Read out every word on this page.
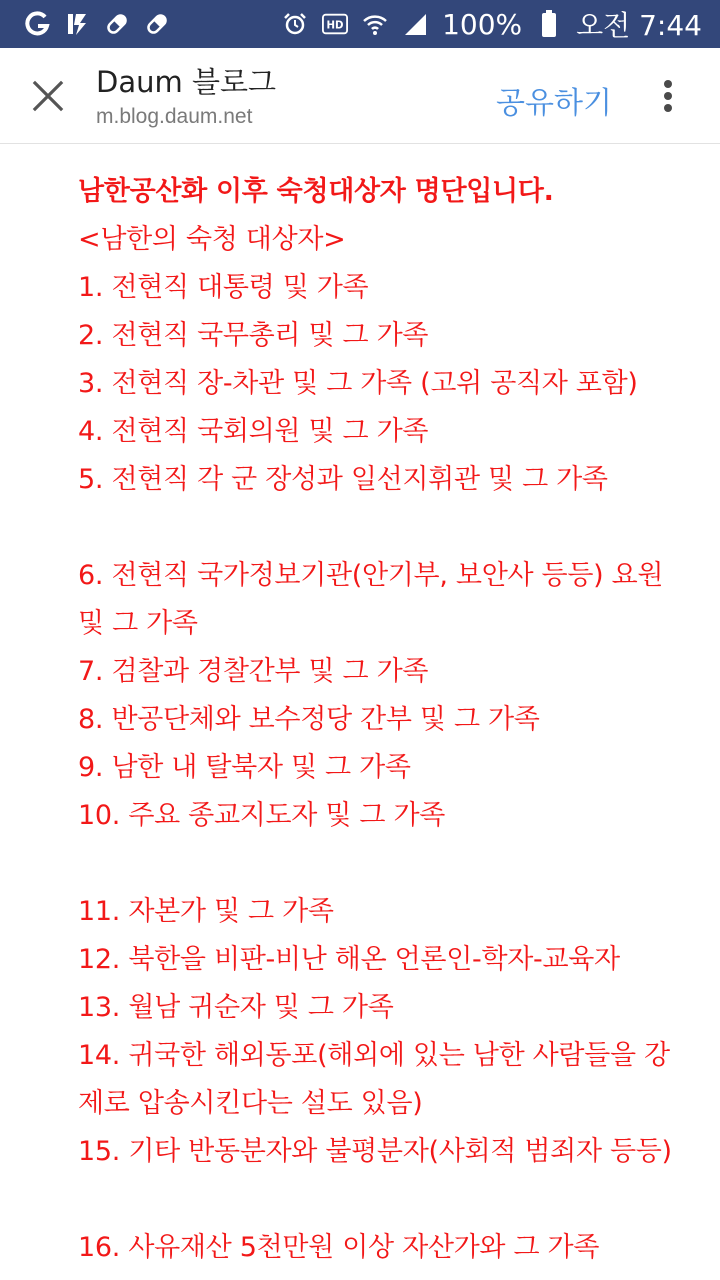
HD	100% 오전 7:44
Daum 블로그
m.blog.daum.net	공유하기
남한공산화 이후 숙청대상자 명단입니다.
<남한의 숙청 대상자>
1. 전현직 대통령 및 가족
2. 전현직 국무총리 및 그 가족
3. 전현직 장-차관 및 그 가족 (고위 공직자 포함)
4. 전현직 국회의원 및 그 가족
5. 전현직 각 군 장성과 일선지휘관 및 그 가족
6. 전현직 국가정보기관(안기부, 보안사 등등) 요원
및 그 가족
7. 검찰과 경찰간부 및 그 가족
8. 반공단체와 보수정당 간부 및 그 가족
9. 남한 내 탈북자 및 그 가족
10. 주요 종교지도자 및 그 가족
11. 자본가 및 그 가족
12. 북한을 비판-비난 해온 언론인-학자-교육자
13. 월남 귀순자 및 그 가족
14. 귀국한 해외동포(해외에 있는 남한 사람들을 강
제로 압송시킨다는 설도 있음)
15. 기타 반동분자와 불평분자(사회적 범죄자 등등)
16. 사유재산 5천만원 이상 자산가와 그 가족
